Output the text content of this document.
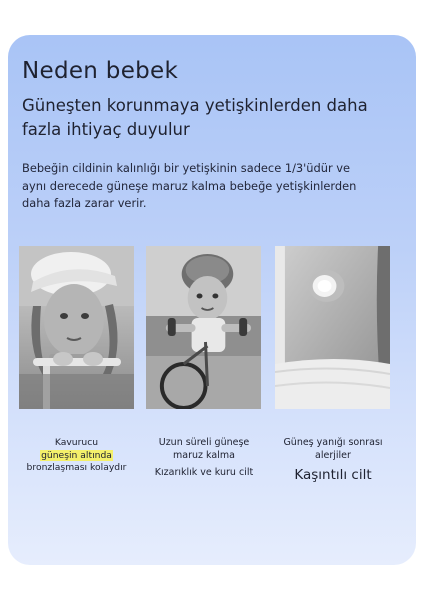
Neden bebek

Güneşten korunmaya yetişkinlerden daha fazla ihtiyaç duyulur

Bebeğin cildinin kalınlığı bir yetişkinin sadece 1/3'üdür ve aynı derecede güneşe maruz kalma bebeğe yetişkinlerden daha fazla zarar verir.

Kavurucu
güneşin altında
bronzlaşması kolaydır
Uzun süreli güneşe maruz kalma
Kızarıklık ve kuru cilt
Güneş yanığı sonrası alerjiler
Kaşıntılı cilt
